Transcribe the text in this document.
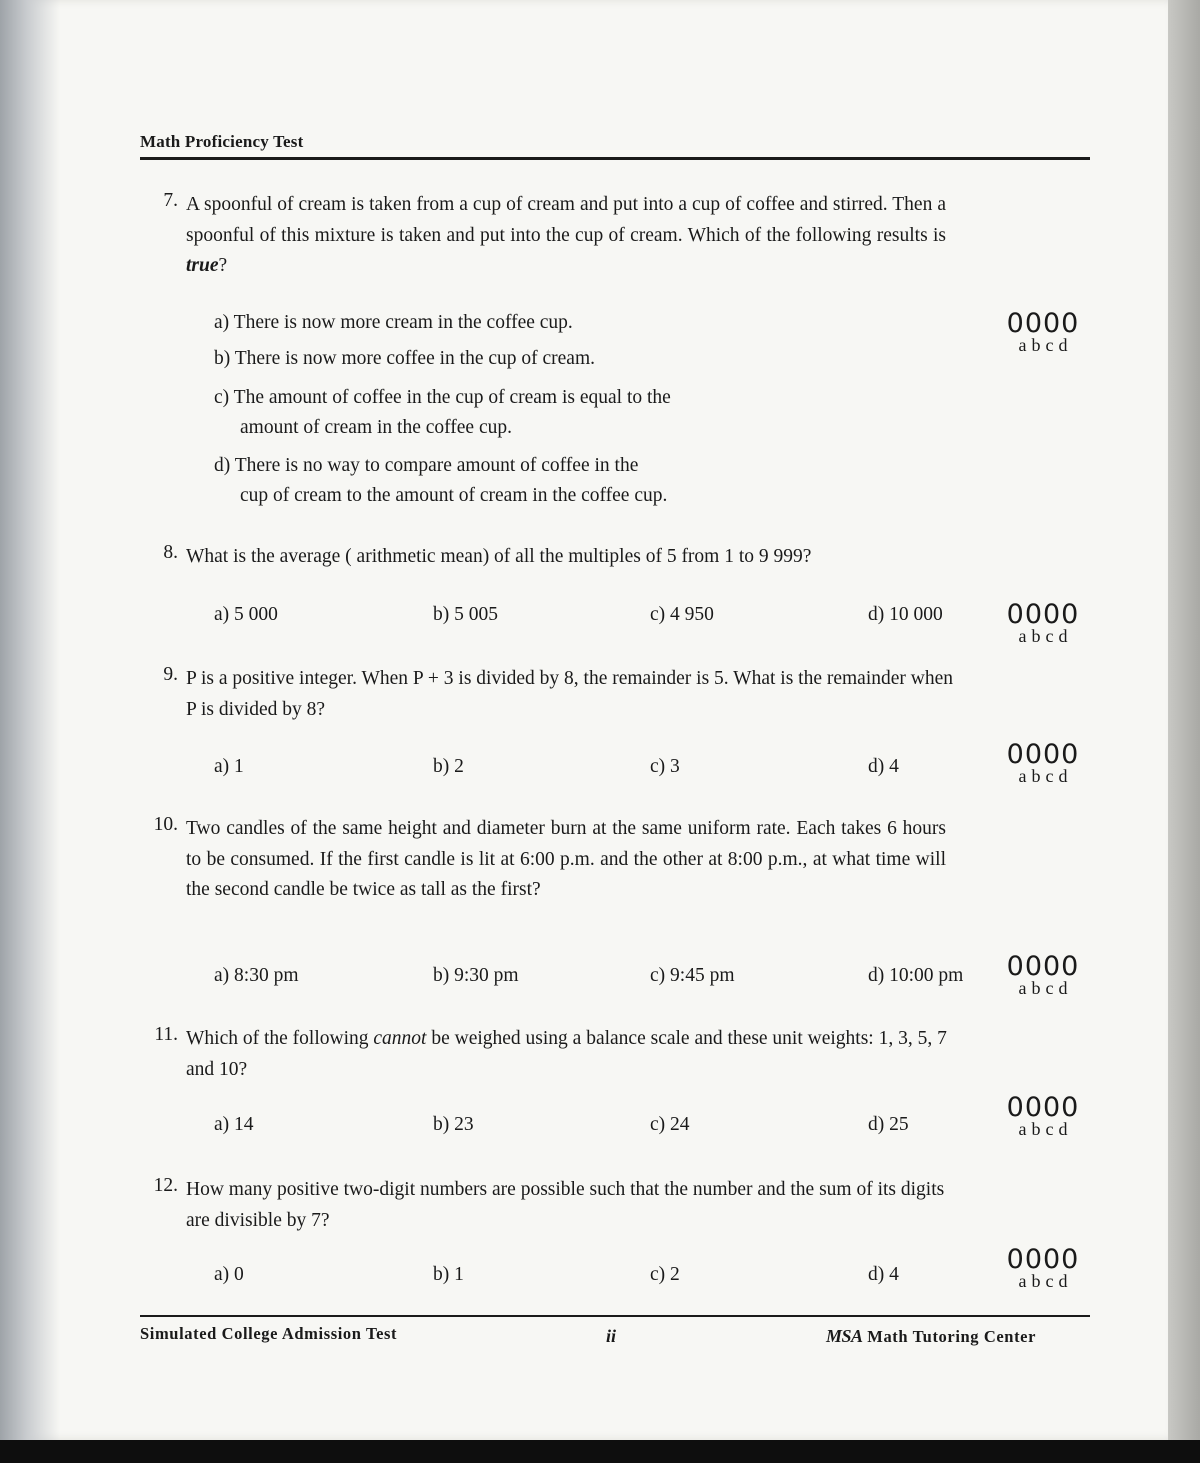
Math Proficiency Test
7. A spoonful of cream is taken from a cup of cream and put into a cup of coffee and stirred. Then a spoonful of this mixture is taken and put into the cup of cream. Which of the following results is true?
a) There is now more cream in the coffee cup.
b) There is now more coffee in the cup of cream.
c) The amount of coffee in the cup of cream is equal to the
amount of cream in the coffee cup.
d) There is no way to compare amount of coffee in the
cup of cream to the amount of cream in the coffee cup.
0000
abcd
8. What is the average ( arithmetic mean) of all the multiples of 5 from 1 to 9 999?
a) 5 000	b) 5 005	c) 4 950	d) 10 000	0000
abcd
9. P is a positive integer. When P + 3 is divided by 8, the remainder is 5. What is the remainder when P is divided by 8?
a) 1	b) 2	c) 3	d) 4	0000
abcd
10. Two candles of the same height and diameter burn at the same uniform rate. Each takes 6 hours to be consumed. If the first candle is lit at 6:00 p.m. and the other at 8:00 p.m., at what time will the second candle be twice as tall as the first?
a) 8:30 pm	b) 9:30 pm	c) 9:45 pm	d) 10:00 pm	0000
abcd
11. Which of the following cannot be weighed using a balance scale and these unit weights: 1, 3, 5, 7 and 10?
a) 14	b) 23	c) 24	d) 25
0000
abcd
12. How many positive two-digit numbers are possible such that the number and the sum of its digits are divisible by 7?
a) 0	b) 1	c) 2	d) 4	0000
abcd
Simulated College Admission Test	ii	MSA Math Tutoring Center
